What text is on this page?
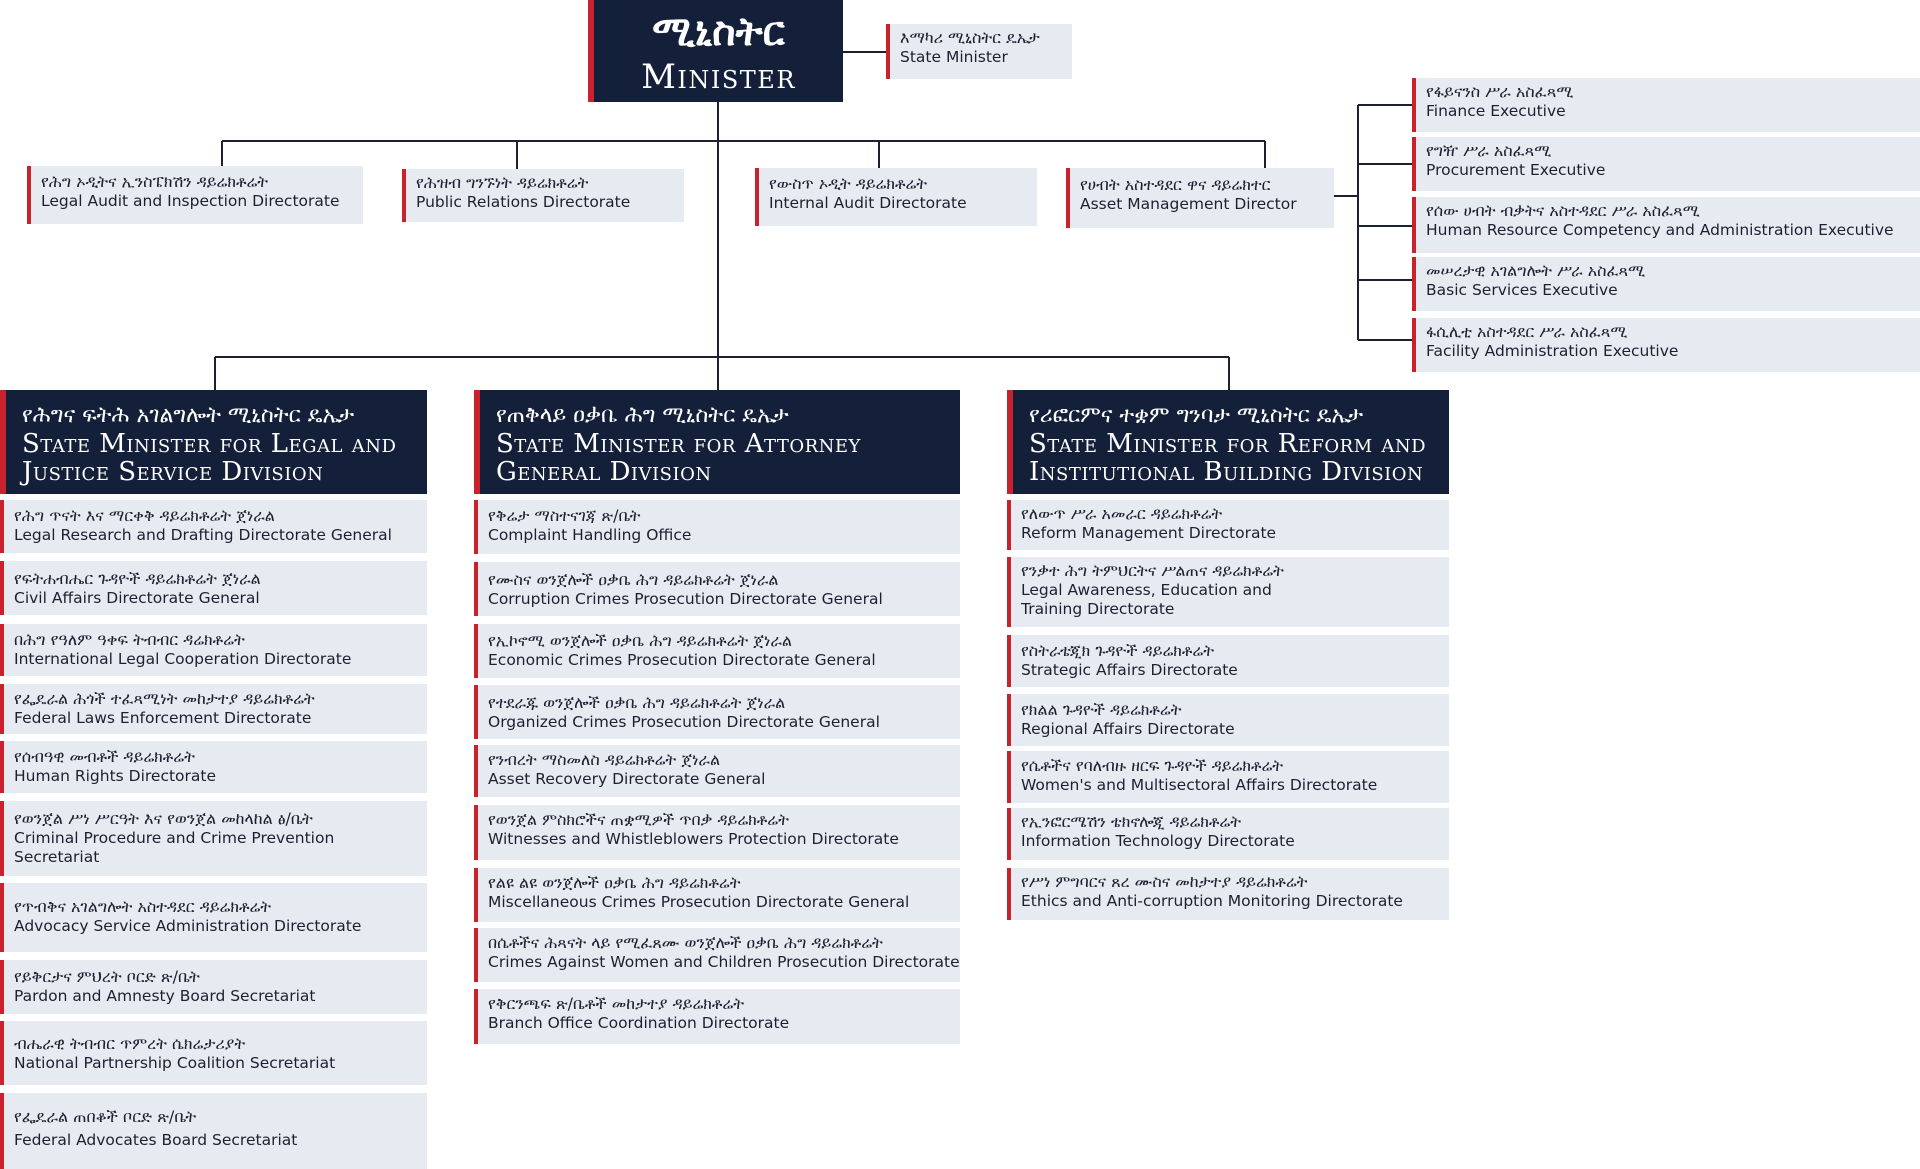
ሚኒስትር
Minister
እማካሪ ሚኒስትር ዴኤታ
State Minister
የሕግ ኦዲትና ኢንስፔክሽን ዳይሬክቶሬት
Legal Audit and Inspection Directorate
የሕዝብ ግንኙነት ዳይሬክቶሬት
Public Relations Directorate
የውስጥ ኦዲት ዳይሬክቶሬት
Internal Audit Directorate
የሀብት አስተዳደር ዋና ዳይሬክተር
Asset Management Director
የፋይናንስ ሥራ አስፈጻሚ
Finance Executive
የግዥ ሥራ አስፈጻሚ
Procurement Executive
የሰው ሀብት ብቃትና አስተዳደር ሥራ አስፈጻሚ
Human Resource Competency and Administration Executive
መሠረታዊ አገልግሎት ሥራ አስፈጻሚ
Basic Services Executive
ፋሲሊቲ አስተዳደር ሥራ አስፈጻሚ
Facility Administration Executive
የሕግና ፍትሕ አገልግሎት ሚኒስትር ዴኤታ
State Minister for Legal and Justice Service Division
የጠቅላይ ዐቃቤ ሕግ ሚኒስትር ዴኤታ
State Minister for Attorney General Division
የሪፎርምና ተቋም ግንባታ ሚኒስትር ዴኤታ
State Minister for Reform and Institutional Building Division
የሕግ ጥናት እና ማርቀቅ ዳይሬክቶሬት ጀነራል
Legal Research and Drafting Directorate General
የፍትሐብሔር ጉዳዮች ዳይሬክቶሬት ጀነራል
Civil Affairs Directorate General
በሕግ የዓለም ዓቀፍ ትብብር ዳሬክቶሬት
International Legal Cooperation Directorate
የፌዴራል ሕጎች ተፈጻሚነት መከታተያ ዳይሬክቶሬት
Federal Laws Enforcement Directorate
የሰብዓዊ መብቶች ዳይሬክቶሬት
Human Rights Directorate
የወንጀል ሥነ ሥርዓት እና የወንጀል መከላከል ፅ/ቤት
Criminal Procedure and Crime Prevention Secretariat
የጥብቅና አገልግሎት አስተዳደር ዳይሬክቶሬት
Advocacy Service Administration Directorate
የይቅርታና ምህረት ቦርድ ጽ/ቤት
Pardon and Amnesty Board Secretariat
ብሔራዊ ትብብር ጥምረት ሴክሬታሪያት
National Partnership Coalition Secretariat
የፌዴራል ጠበቆች ቦርድ ጽ/ቤት
Federal Advocates Board Secretariat
የቅሬታ ማስተናገጃ ጽ/ቤት
Complaint Handling Office
የሙስና ወንጀሎች ዐቃቤ ሕግ ዳይሬክቶሬት ጀነራል
Corruption Crimes Prosecution Directorate General
የኢኮኖሚ ወንጀሎች ዐቃቤ ሕግ ዳይሬክቶሬት ጀነራል
Economic Crimes Prosecution Directorate General
የተደራጁ ወንጀሎች ዐቃቤ ሕግ ዳይሬክቶሬት ጀነራል
Organized Crimes Prosecution Directorate General
የንብረት ማስመለስ ዳይሬክቶሬት ጀነራል
Asset Recovery Directorate General
የወንጀል ምስክሮችና ጠቋሚዎች ጥበቃ ዳይሬክቶሬት
Witnesses and Whistleblowers Protection Directorate
የልዩ ልዩ ወንጀሎች ዐቃቤ ሕግ ዳይሬክቶሬት
Miscellaneous Crimes Prosecution Directorate General
በሴቶችና ሕጻናት ላይ የሚፈጸሙ ወንጀሎች ዐቃቤ ሕግ ዳይሬክቶሬት
Crimes Against Women and Children Prosecution Directorate
የቅርንጫፍ ጽ/ቤቶች መከታተያ ዳይሬክቶሬት
Branch Office Coordination Directorate
የለውጥ ሥራ አመራር ዳይሬክቶሬት
Reform Management Directorate
የንቃተ ሕግ ትምህርትና ሥልጠና ዳይሬክቶሬት
Legal Awareness, Education and Training Directorate
የስትራቴጂክ ጉዳዮች ዳይሬክቶሬት
Strategic Affairs Directorate
የክልል ጉዳዮች ዳይሬክቶሬት
Regional Affairs Directorate
የሴቶችና የባለብዙ ዘርፍ ጉዳዮች ዳይሬክቶሬት
Women's and Multisectoral Affairs Directorate
የኢንፎርሜሽን ቴክኖሎጂ ዳይሬክቶሬት
Information Technology Directorate
የሥነ ምግባርና ጸረ ሙስና መከታተያ ዳይሬክቶሬት
Ethics and Anti-corruption Monitoring Directorate
